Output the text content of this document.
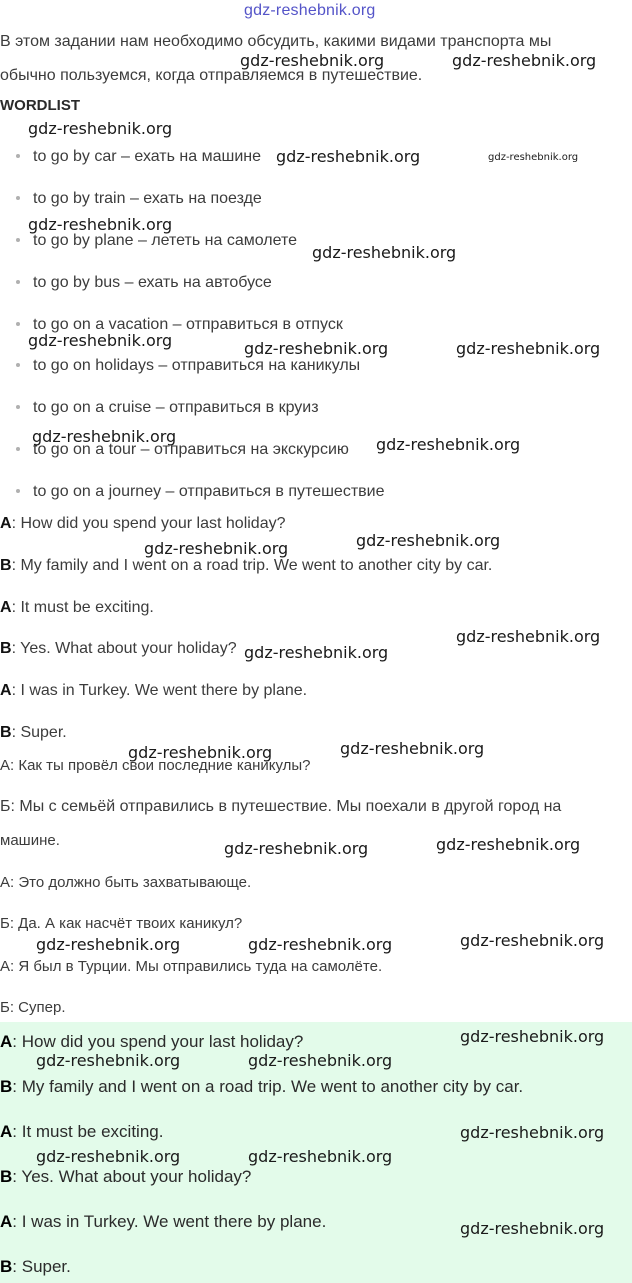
gdz-reshebnik.org
В этом задании нам необходимо обсудить, какими видами транспорта мы
обычно пользуемся, когда отправляемся в путешествие.
WORDLIST
to go by car – ехать на машине
to go by train – ехать на поезде
to go by plane – лететь на самолете
to go by bus – ехать на автобусе
to go on a vacation – отправиться в отпуск
to go on holidays – отправиться на каникулы
to go on a cruise – отправиться в круиз
to go on a tour – отправиться на экскурсию
to go on a journey – отправиться в путешествие
A: How did you spend your last holiday?
B: My family and I went on a road trip. We went to another city by car.
A: It must be exciting.
B: Yes. What about your holiday?
A: I was in Turkey. We went there by plane.
B: Super.
А: Как ты провёл свои последние каникулы?
Б: Мы с семьёй отправились в путешествие. Мы поехали в другой город на
машине.
А: Это должно быть захватывающе.
Б: Да. А как насчёт твоих каникул?
А: Я был в Турции. Мы отправились туда на самолёте.
Б: Супер.
A: How did you spend your last holiday?
B: My family and I went on a road trip. We went to another city by car.
A: It must be exciting.
B: Yes. What about your holiday?
A: I was in Turkey. We went there by plane.
B: Super.
gdz-reshebnik.org	gdz-reshebnik.org
gdz-reshebnik.org
gdz-reshebnik.org	gdz-reshebnik.org
gdz-reshebnik.org
gdz-reshebnik.org
gdz-reshebnik.org	gdz-reshebnik.org	gdz-reshebnik.org
gdz-reshebnik.org	gdz-reshebnik.org
gdz-reshebnik.org
gdz-reshebnik.org
gdz-reshebnik.org
gdz-reshebnik.org
gdz-reshebnik.org
gdz-reshebnik.org
gdz-reshebnik.org
gdz-reshebnik.org
gdz-reshebnik.org
gdz-reshebnik.org	gdz-reshebnik.org
gdz-reshebnik.org
gdz-reshebnik.org	gdz-reshebnik.org
gdz-reshebnik.org
gdz-reshebnik.org	gdz-reshebnik.org
gdz-reshebnik.org
